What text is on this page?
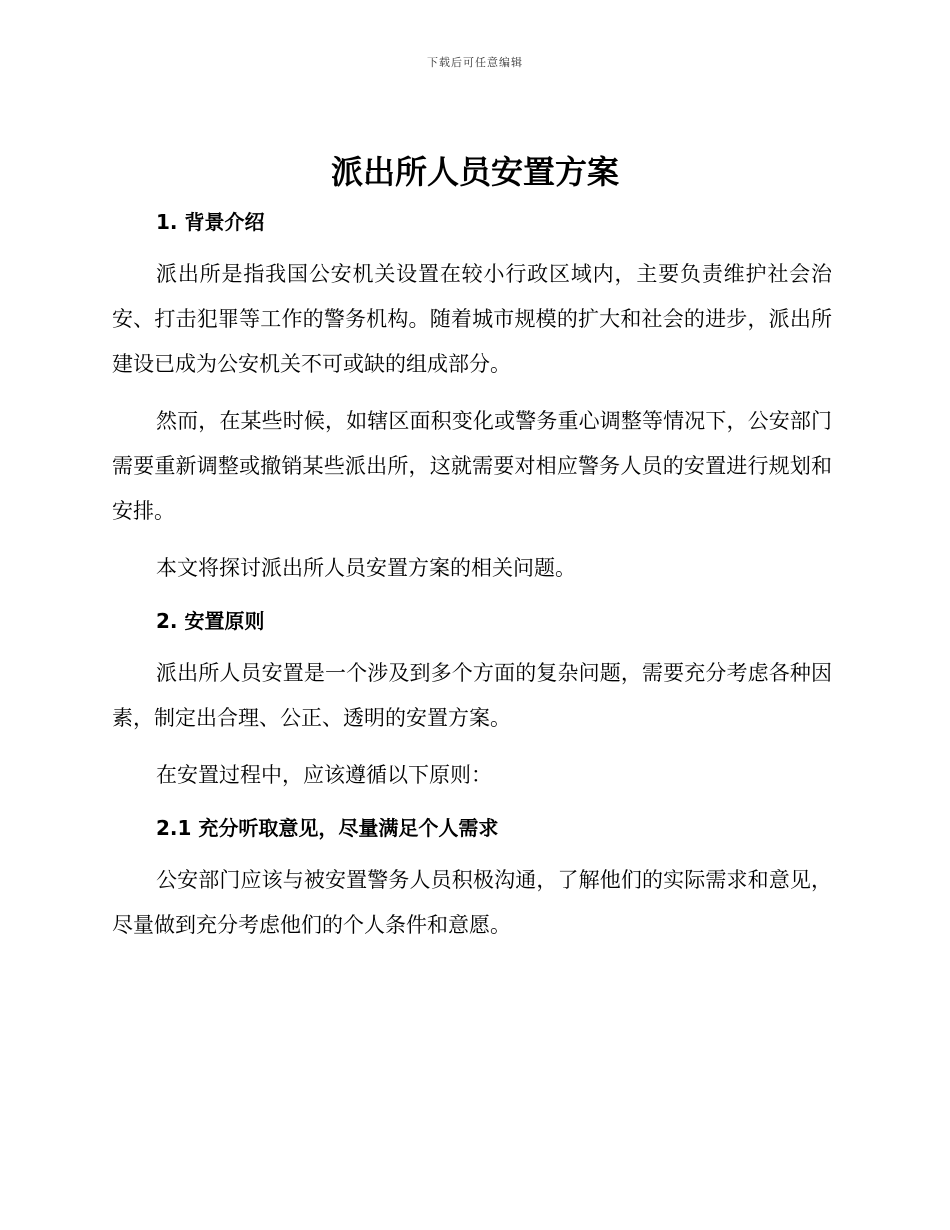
下载后可任意编辑
派出所人员安置方案
1. 背景介绍

派出所是指我国公安机关设置在较小行政区域内，主要负责维护社会治安、打击犯罪等工作的警务机构。随着城市规模的扩大和社会的进步，派出所建设已成为公安机关不可或缺的组成部分。

然而，在某些时候，如辖区面积变化或警务重心调整等情况下，公安部门需要重新调整或撤销某些派出所，这就需要对相应警务人员的安置进行规划和安排。

本文将探讨派出所人员安置方案的相关问题。

2. 安置原则

派出所人员安置是一个涉及到多个方面的复杂问题，需要充分考虑各种因素，制定出合理、公正、透明的安置方案。

在安置过程中，应该遵循以下原则：

2.1 充分听取意见，尽量满足个人需求

公安部门应该与被安置警务人员积极沟通，了解他们的实际需求和意见，尽量做到充分考虑他们的个人条件和意愿。
